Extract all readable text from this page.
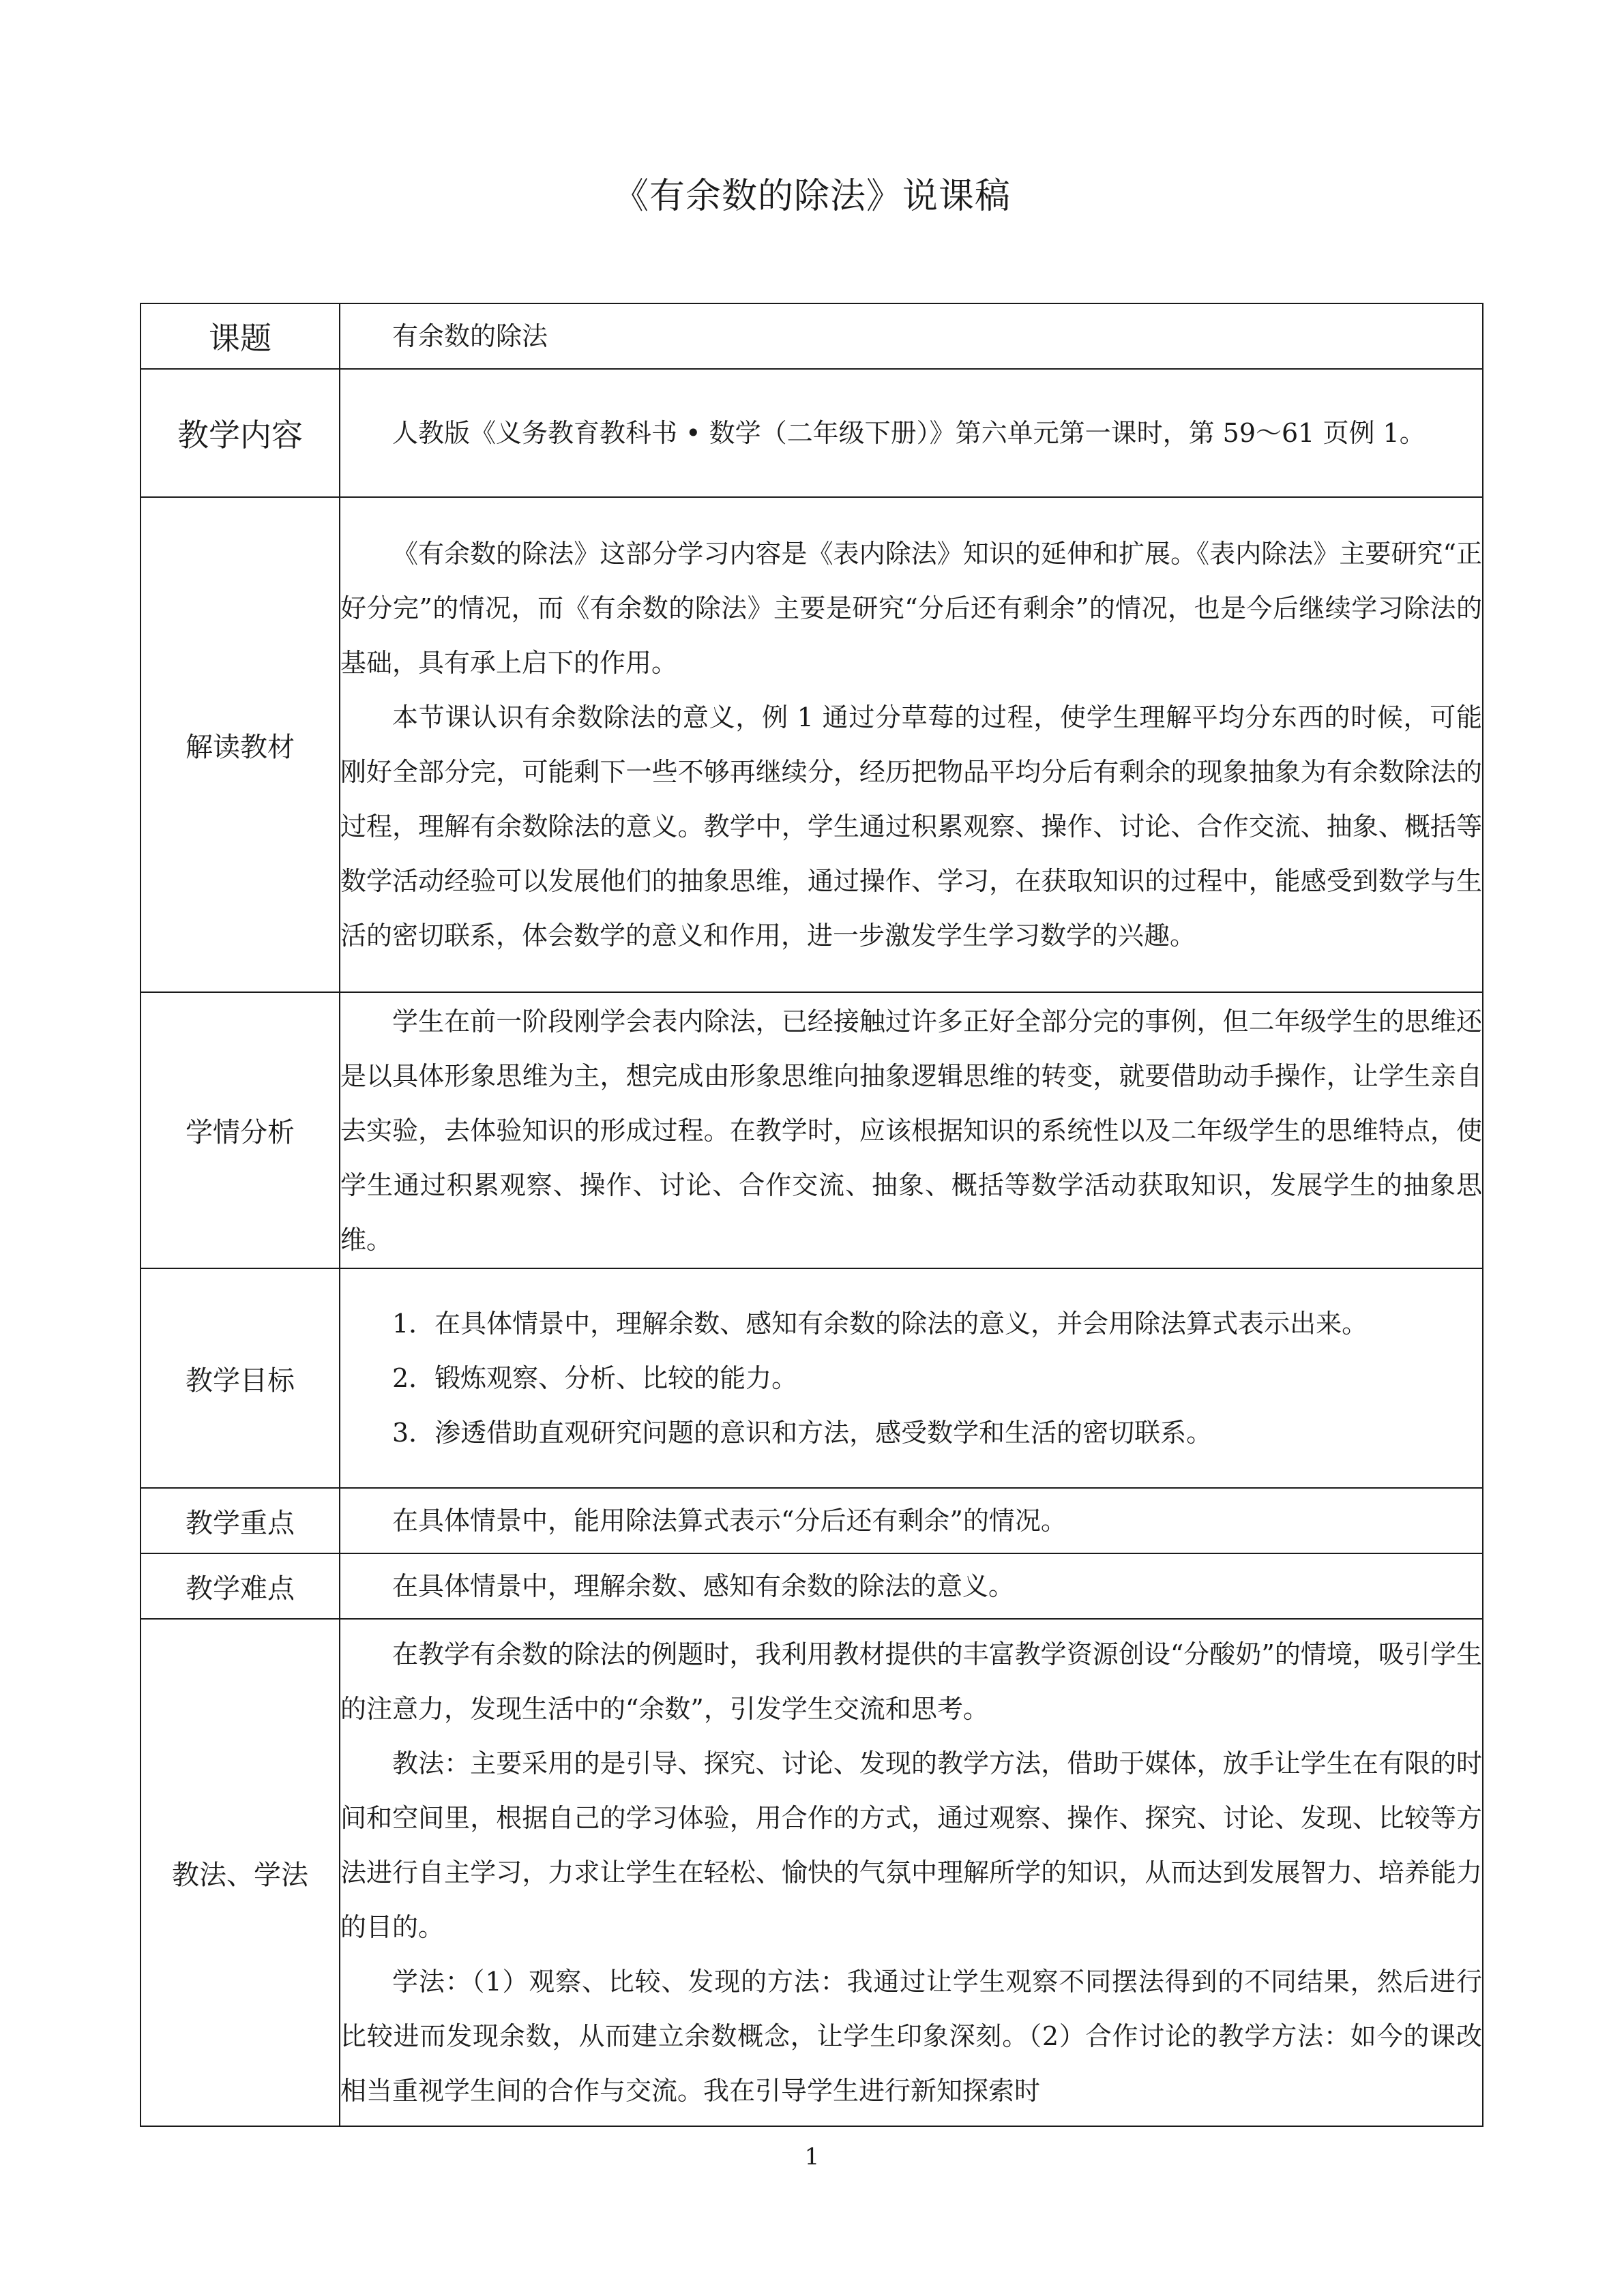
《有余数的除法》说课稿
课题	有余数的除法

教学内容	人教版《义务教育教科书 • 数学（二年级下册）》第六单元第一课时，第 59～61 页例 1。

解读教材	《有余数的除法》这部分学习内容是《表内除法》知识的延伸和扩展。《表内除法》主要研究“正好分完”的情况，而《有余数的除法》主要是研究“分后还有剩余”的情况，也是今后继续学习除法的基础，具有承上启下的作用。

本节课认识有余数除法的意义，例 1 通过分草莓的过程，使学生理解平均分东西的时候，可能刚好全部分完，可能剩下一些不够再继续分，经历把物品平均分后有剩余的现象抽象为有余数除法的过程，理解有余数除法的意义。教学中，学生通过积累观察、操作、讨论、合作交流、抽象、概括等数学活动经验可以发展他们的抽象思维，通过操作、学习，在获取知识的过程中，能感受到数学与生活的密切联系，体会数学的意义和作用，进一步激发学生学习数学的兴趣。

学情分析	学生在前一阶段刚学会表内除法，已经接触过许多正好全部分完的事例，但二年级学生的思维还是以具体形象思维为主，想完成由形象思维向抽象逻辑思维的转变，就要借助动手操作，让学生亲自去实验，去体验知识的形成过程。在教学时，应该根据知识的系统性以及二年级学生的思维特点，使学生通过积累观察、操作、讨论、合作交流、抽象、概括等数学活动获取知识，发展学生的抽象思维。

教学目标	1．在具体情景中，理解余数、感知有余数的除法的意义，并会用除法算式表示出来。

2．锻炼观察、分析、比较的能力。

3．渗透借助直观研究问题的意识和方法，感受数学和生活的密切联系。

教学重点	在具体情景中，能用除法算式表示“分后还有剩余”的情况。

教学难点	在具体情景中，理解余数、感知有余数的除法的意义。

教法、学法	在教学有余数的除法的例题时，我利用教材提供的丰富教学资源创设“分酸奶”的情境，吸引学生的注意力，发现生活中的“余数”，引发学生交流和思考。

教法：主要采用的是引导、探究、讨论、发现的教学方法，借助于媒体，放手让学生在有限的时间和空间里，根据自己的学习体验，用合作的方式，通过观察、操作、探究、讨论、发现、比较等方法进行自主学习，力求让学生在轻松、愉快的气氛中理解所学的知识，从而达到发展智力、培养能力的目的。

学法：（1）观察、比较、发现的方法：我通过让学生观察不同摆法得到的不同结果，然后进行比较进而发现余数，从而建立余数概念，让学生印象深刻。（2）合作讨论的教学方法：如今的课改相当重视学生间的合作与交流。我在引导学生进行新知探索时

1
